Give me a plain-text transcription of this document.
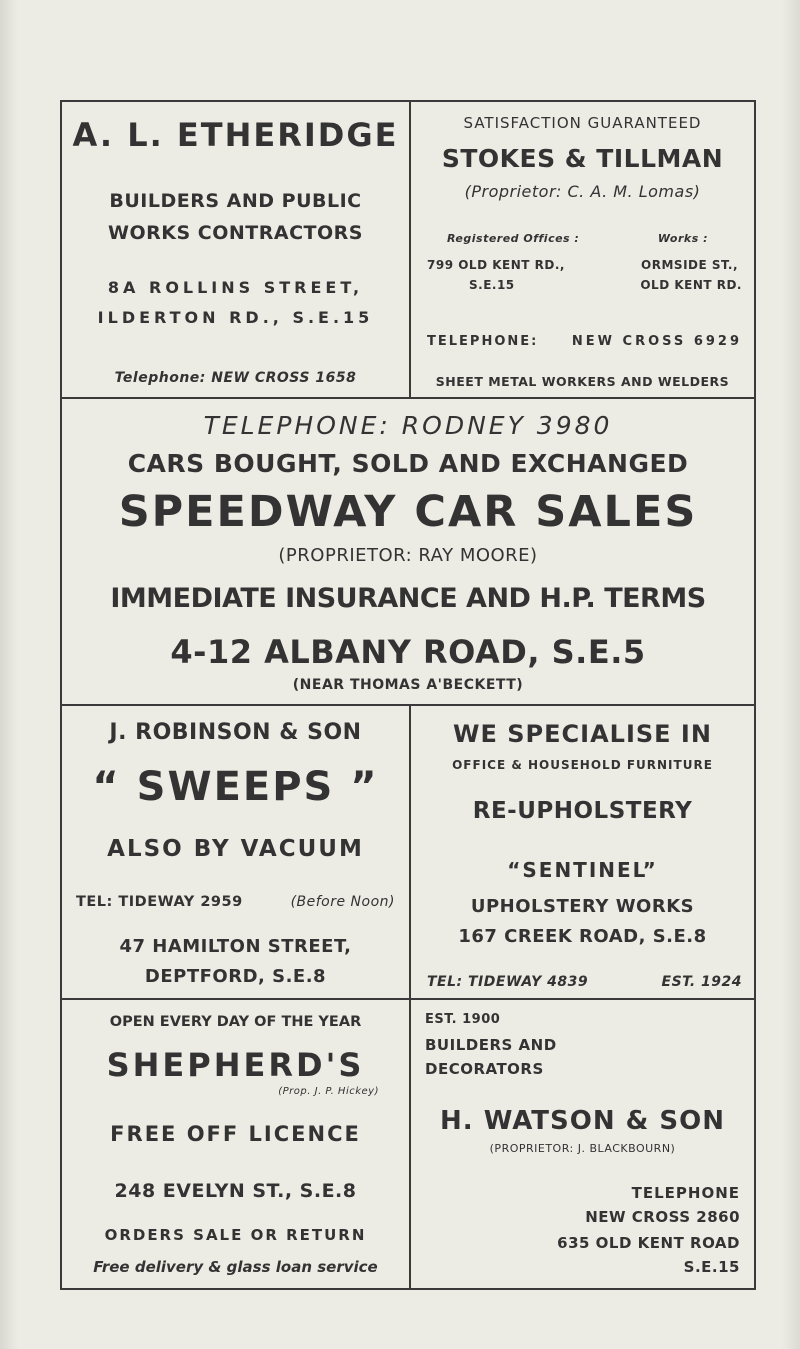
A. L. ETHERIDGE
BUILDERS AND PUBLIC
WORKS CONTRACTORS
8A ROLLINS STREET,
ILDERTON RD., S.E.15
Telephone: NEW CROSS 1658
SATISFACTION GUARANTEED
STOKES & TILLMAN
(Proprietor: C. A. M. Lomas)
Registered Offices :
799 OLD KENT RD.,
S.E.15
Works :
ORMSIDE ST.,
OLD KENT RD.
TELEPHONE:	NEW CROSS 6929
SHEET METAL WORKERS AND WELDERS
TELEPHONE: RODNEY 3980
CARS BOUGHT, SOLD AND EXCHANGED
SPEEDWAY CAR SALES
(PROPRIETOR: RAY MOORE)
IMMEDIATE INSURANCE AND H.P. TERMS
4-12 ALBANY ROAD, S.E.5
(NEAR THOMAS A'BECKETT)
J. ROBINSON & SON
“ SWEEPS ”
ALSO BY VACUUM
TEL: TIDEWAY 2959	(Before Noon)
47 HAMILTON STREET,
DEPTFORD, S.E.8
WE SPECIALISE IN
OFFICE & HOUSEHOLD FURNITURE
RE-UPHOLSTERY
“SENTINEL”
UPHOLSTERY WORKS
167 CREEK ROAD, S.E.8
TEL: TIDEWAY 4839	EST. 1924
OPEN EVERY DAY OF THE YEAR
SHEPHERD'S
(Prop. J. P. Hickey)
FREE OFF LICENCE
248 EVELYN ST., S.E.8
ORDERS SALE OR RETURN
Free delivery & glass loan service
EST. 1900
BUILDERS AND
DECORATORS
H. WATSON & SON
(PROPRIETOR: J. BLACKBOURN)
TELEPHONE
NEW CROSS 2860
635 OLD KENT ROAD
S.E.15
